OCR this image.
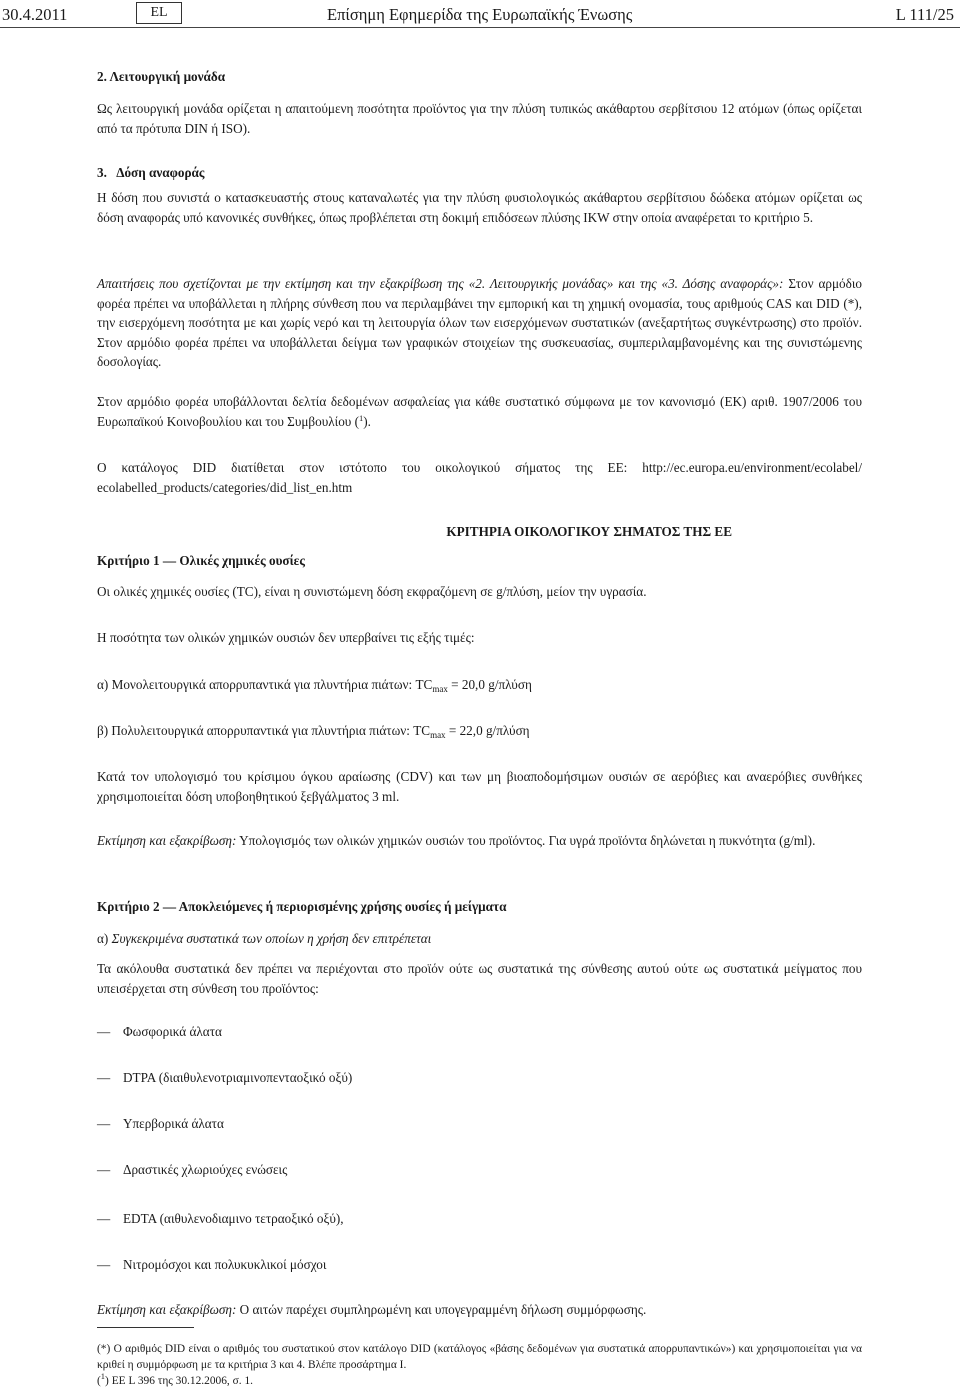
30.4.2011	EL	Επίσημη Εφημερίδα της Ευρωπαϊκής Ένωσης	L 111/25
2. Λειτουργική μονάδα
Ως λειτουργική μονάδα ορίζεται η απαιτούμενη ποσότητα προϊόντος για την πλύση τυπικώς ακάθαρτου σερβίτσιου 12 ατόμων (όπως ορίζεται από τα πρότυπα DIN ή ISO).
3. Δόση αναφοράς
Η δόση που συνιστά ο κατασκευαστής στους καταναλωτές για την πλύση φυσιολογικώς ακάθαρτου σερβίτσιου δώδεκα ατόμων ορίζεται ως δόση αναφοράς υπό κανονικές συνθήκες, όπως προβλέπεται στη δοκιμή επιδόσεων πλύσης IKW στην οποία αναφέρεται το κριτήριο 5.
Απαιτήσεις που σχετίζονται με την εκτίμηση και την εξακρίβωση της «2. Λειτουργικής μονάδας» και της «3. Δόσης αναφοράς»: Στον αρμόδιο φορέα πρέπει να υποβάλλεται η πλήρης σύνθεση που να περιλαμβάνει την εμπορική και τη χημική ονομασία, τους αριθμούς CAS και DID (*), την εισερχόμενη ποσότητα με και χωρίς νερό και τη λειτουργία όλων των εισερχόμενων συστατικών (ανεξαρτήτως συγκέντρωσης) στο προϊόν. Στον αρμόδιο φορέα πρέπει να υποβάλλεται δείγμα των γραφικών στοιχείων της συσκευασίας, συμπεριλαμβανομένης και της συνιστώμενης δοσολογίας.
Στον αρμόδιο φορέα υποβάλλονται δελτία δεδομένων ασφαλείας για κάθε συστατικό σύμφωνα με τον κανονισμό (ΕΚ) αριθ. 1907/2006 του Ευρωπαϊκού Κοινοβουλίου και του Συμβουλίου ($^1$).
Ο κατάλογος DID διατίθεται στον ιστότοπο του οικολογικού σήματος της ΕΕ: http://ec.europa.eu/environment/ecolabel/ ecolabelled_products/categories/did_list_en.htm
ΚΡΙΤΗΡΙΑ ΟΙΚΟΛΟΓΙΚΟΥ ΣΗΜΑΤΟΣ ΤΗΣ ΕΕ
Κριτήριο 1 — Ολικές χημικές ουσίες
Οι ολικές χημικές ουσίες (TC), είναι η συνιστώμενη δόση εκφραζόμενη σε g/πλύση, μείον την υγρασία.
Η ποσότητα των ολικών χημικών ουσιών δεν υπερβαίνει τις εξής τιμές:
α) Μονολειτουργικά απορρυπαντικά για πλυντήρια πιάτων: $TC_{max} = 20,0$ g/πλύση
β) Πολυλειτουργικά απορρυπαντικά για πλυντήρια πιάτων: $TC_{max} = 22,0$ g/πλύση
Κατά τον υπολογισμό του κρίσιμου όγκου αραίωσης (CDV) και των μη βιοαποδομήσιμων ουσιών σε αερόβιες και αναερόβιες συνθήκες χρησιμοποιείται δόση υποβοηθητικού ξεβγάλματος 3 ml.
Εκτίμηση και εξακρίβωση: Υπολογισμός των ολικών χημικών ουσιών του προϊόντος. Για υγρά προϊόντα δηλώνεται η πυκνότητα (g/ml).
Κριτήριο 2 — Αποκλειόμενες ή περιορισμένης χρήσης ουσίες ή μείγματα
α) Συγκεκριμένα συστατικά των οποίων η χρήση δεν επιτρέπεται
Τα ακόλουθα συστατικά δεν πρέπει να περιέχονται στο προϊόν ούτε ως συστατικά της σύνθεσης αυτού ούτε ως συστατικά μείγματος που υπεισέρχεται στη σύνθεση του προϊόντος:
— Φωσφορικά άλατα
— DTPA (διαιθυλενοτριαμινοπενταοξικό οξύ)
— Υπερβορικά άλατα
— Δραστικές χλωριούχες ενώσεις
— EDTA (αιθυλενοδιαμινο τετραοξικό οξύ),
— Νιτρομόσχοι και πολυκυκλικοί μόσχοι
Εκτίμηση και εξακρίβωση: Ο αιτών παρέχει συμπληρωμένη και υπογεγραμμένη δήλωση συμμόρφωσης.
(*) Ο αριθμός DID είναι ο αριθμός του συστατικού στον κατάλογο DID (κατάλογος «βάσης δεδομένων για συστατικά απορρυπαντικών») και χρησιμοποιείται για να κριθεί η συμμόρφωση με τα κριτήρια 3 και 4. Βλέπε προσάρτημα I.
($^1$) ΕΕ L 396 της 30.12.2006, σ. 1.
